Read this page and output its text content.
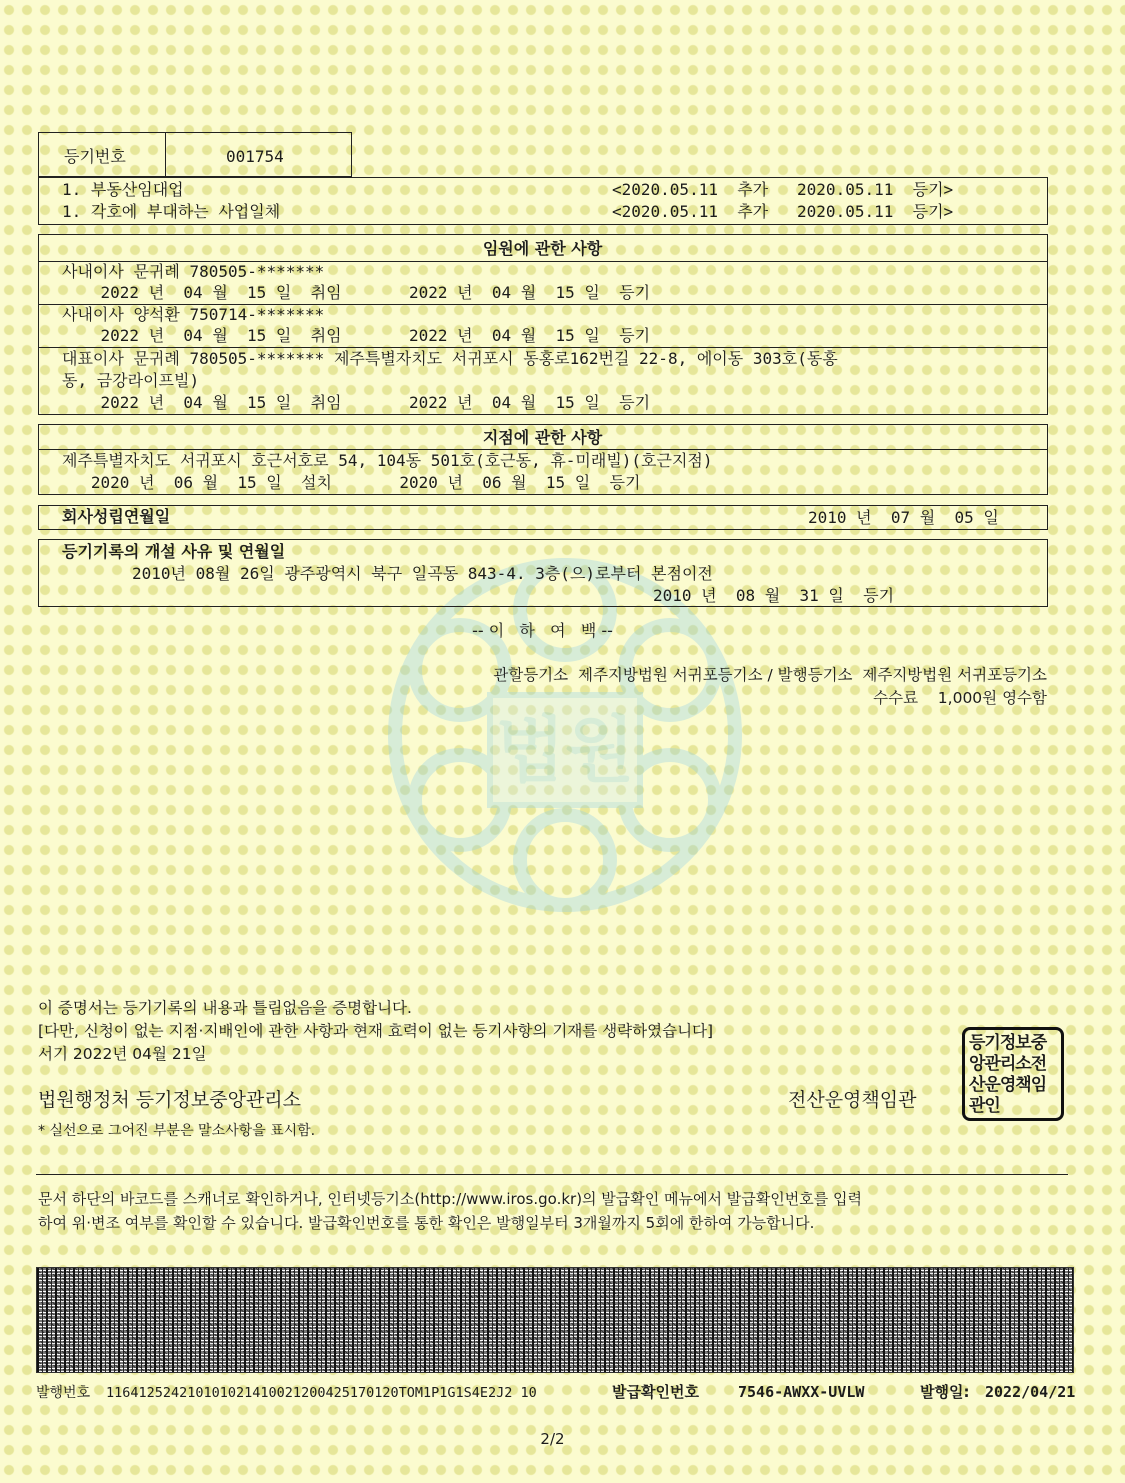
법원
등기번호	001754
1. 부동산임대업	<2020.05.11  추가   2020.05.11  등기>
1. 각호에 부대하는 사업일체	<2020.05.11  추가   2020.05.11  등기>
임원에 관한 사항
사내이사 문귀례 780505-*******
2022 년  04 월  15 일  취임       2022 년  04 월  15 일  등기
사내이사 양석환 750714-*******
2022 년  04 월  15 일  취임       2022 년  04 월  15 일  등기
대표이사 문귀례 780505-******* 제주특별자치도 서귀포시 동홍로162번길 22-8, 에이동 303호(동홍
동, 금강라이프빌)
2022 년  04 월  15 일  취임       2022 년  04 월  15 일  등기
지점에 관한 사항
제주특별자치도 서귀포시 호근서호로 54, 104동 501호(호근동, 휴-미래빌)(호근지점)
2020 년  06 월  15 일  설치       2020 년  06 월  15 일  등기
회사성립연월일	2010 년  07 월  05 일
등기기록의 개설 사유 및 연월일
2010년 08월 26일 광주광역시 북구 일곡동 843-4. 3층(으)로부터 본점이전
2010 년  08 월  31 일  등기
-- 이   하   여   백 --
관할등기소  제주지방법원 서귀포등기소 / 발행등기소  제주지방법원 서귀포등기소
수수료    1,000원 영수함
이 증명서는 등기기록의 내용과 틀림없음을 증명합니다.
[다만, 신청이 없는 지점·지배인에 관한 사항과 현재 효력이 없는 등기사항의 기재를 생략하였습니다]
서기 2022년 04월 21일
법원행정처 등기정보중앙관리소	전산운영책임관
등기정보중앙관리소전산운영책임관인
* 실선으로 그어진 부분은 말소사항을 표시함.
문서 하단의 바코드를 스캐너로 확인하거나, 인터넷등기소(http://www.iros.go.kr)의 발급확인 메뉴에서 발급확인번호를 입력
하여 위·변조 여부를 확인할 수 있습니다. 발급확인번호를 통한 확인은 발행일부터 3개월까지 5회에 한하여 가능합니다.
발행번호 116412524210101021410021200425170120TOM1P1G1S4E2J2 10	발급확인번호	7546-AWXX-UVLW	발행일: 2022/04/21
2/2
